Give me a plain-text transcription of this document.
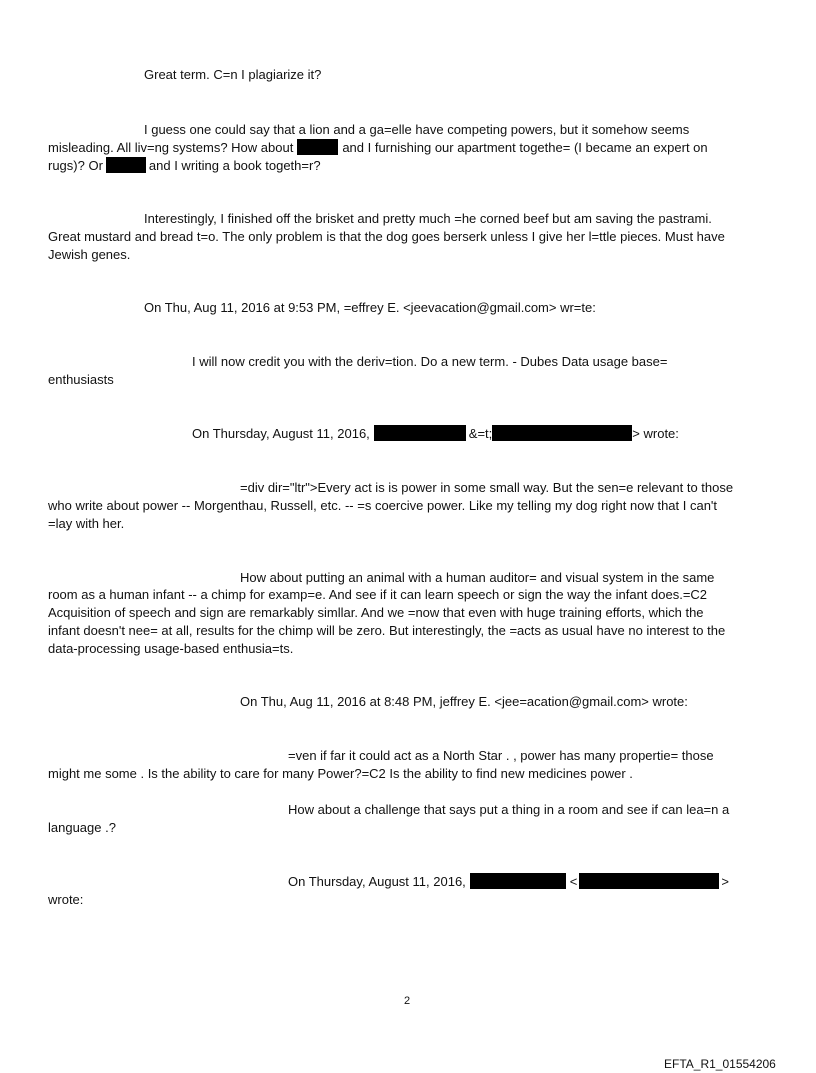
Great term. C=n I plagiarize it?
I guess one could say that a lion and a ga=elle have competing powers, but it somehow seems
misleading. All liv=ng systems? How about	and I furnishing our apartment togethe= (I became an expert on
rugs)? Or	and I writing a book togeth=r?
Interestingly, I finished off the brisket and pretty much =he corned beef but am saving the pastrami.
Great mustard and bread t=o. The only problem is that the dog goes berserk unless I give her l=ttle pieces. Must have
Jewish genes.
On Thu, Aug 11, 2016 at 9:53 PM, =effrey E. <jeevacation@gmail.com> wr=te:
I will now credit you with the deriv=tion. Do a new term. - Dubes Data usage base=
enthusiasts
On Thursday, August 11, 2016,	&=t;	> wrote:
=div dir="ltr">Every act is is power in some small way. But the sen=e relevant to those
who write about power -- Morgenthau, Russell, etc. -- =s coercive power. Like my telling my dog right now that I can't
=lay with her.
How about putting an animal with a human auditor= and visual system in the same
room as a human infant -- a chimp for examp=e. And see if it can learn speech or sign the way the infant does.=C2
Acquisition of speech and sign are remarkably simllar. And we =now that even with huge training efforts, which the
infant doesn't nee= at all, results for the chimp will be zero. But interestingly, the =acts as usual have no interest to the
data-processing usage-based enthusia=ts.
On Thu, Aug 11, 2016 at 8:48 PM, jeffrey E. <jee=acation@gmail.com> wrote:
=ven if far it could act as a North Star . , power has many propertie= those
might me some . Is the ability to care for many Power?=C2 Is the ability to find new medicines power .
How about a challenge that says put a thing in a room and see if can lea=n a
language .?
On Thursday, August 11, 2016,	<	>
wrote:
2
EFTA_R1_01554206
